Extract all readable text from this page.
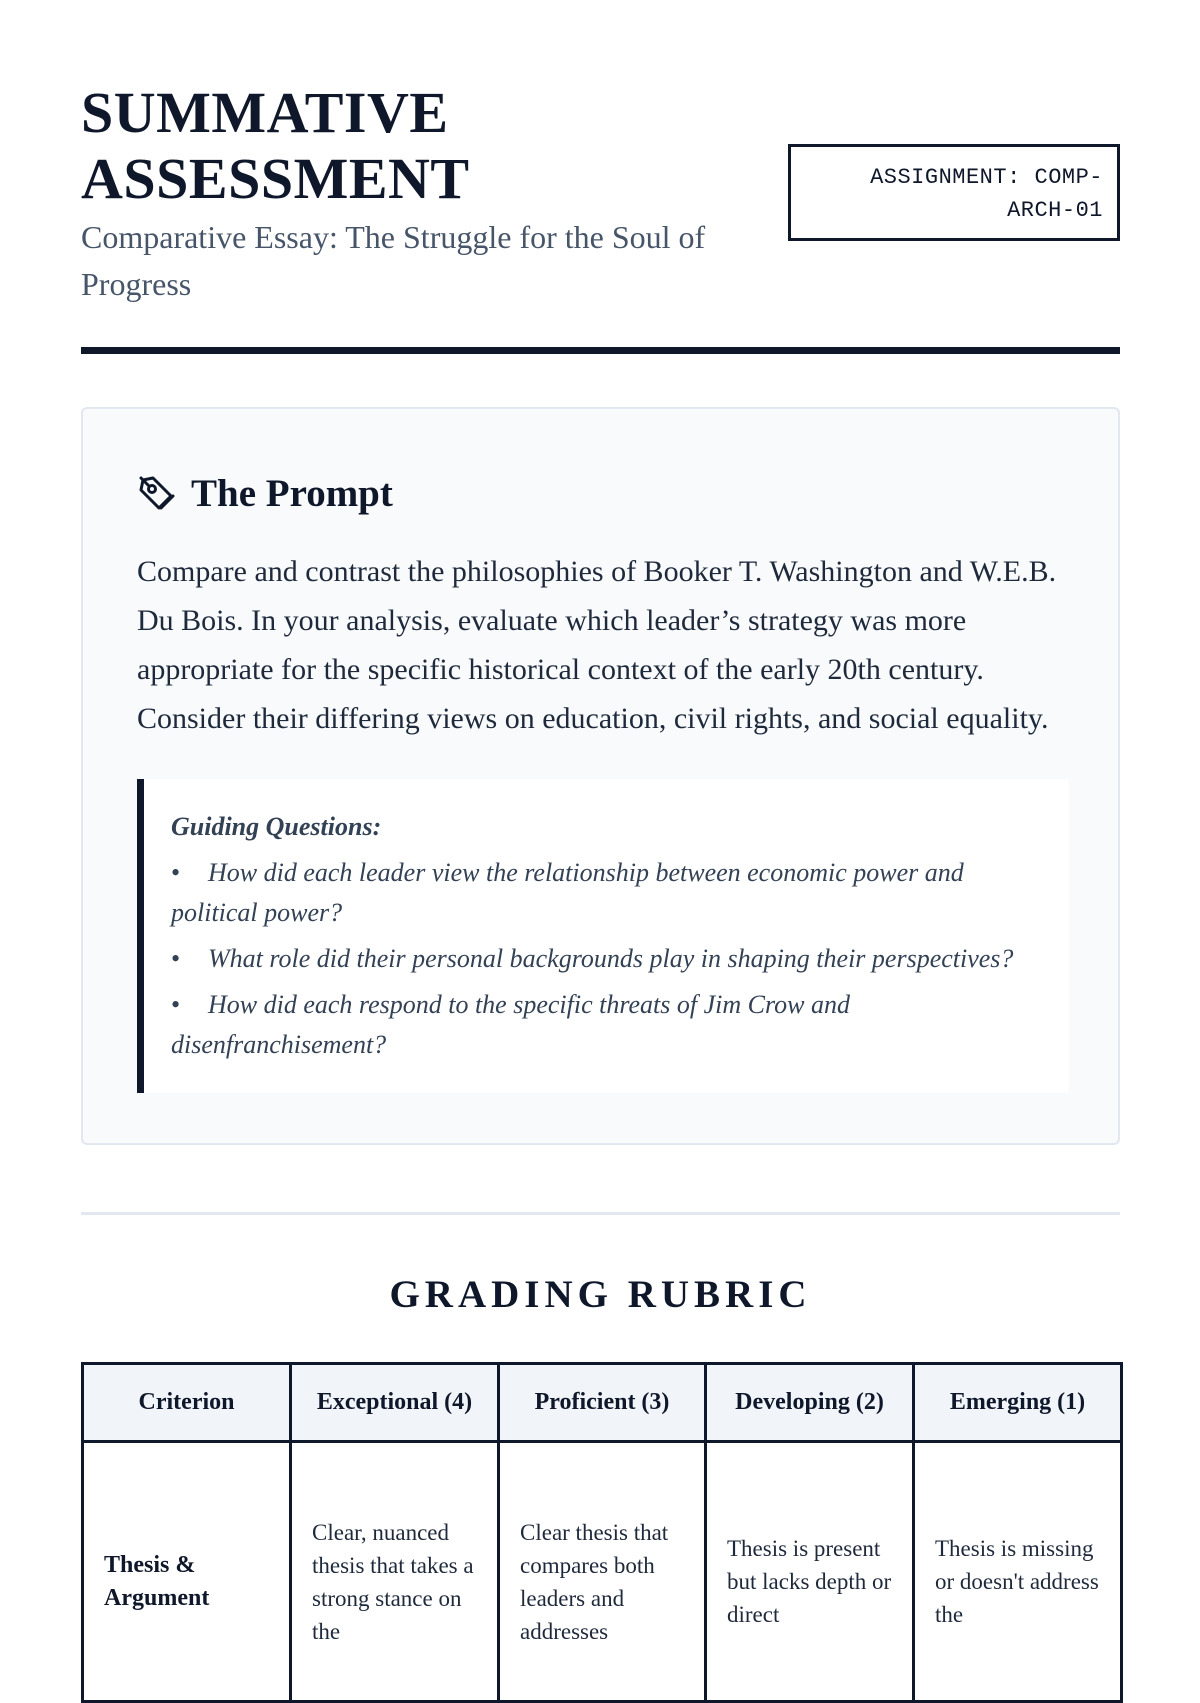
SUMMATIVE
ASSESSMENT

Comparative Essay: The Struggle for the Soul of Progress

ASSIGNMENT: COMP-
ARCH-01
The Prompt

Compare and contrast the philosophies of Booker T. Washington and W.E.B. Du Bois. In your analysis, evaluate which leader’s strategy was more appropriate for the specific historical context of the early 20th century. Consider their differing views on education, civil rights, and social equality.

Guiding Questions:

• How did each leader view the relationship between economic power and political power?
• What role did their personal backgrounds play in shaping their perspectives?
• How did each respond to the specific threats of Jim Crow and disenfranchisement?
GRADING RUBRIC
Criterion	Exceptional (4)	Proficient (3)	Developing (2)	Emerging (1)
Thesis & Argument	Clear, nuanced thesis that takes a strong stance on the	Clear thesis that compares both leaders and addresses	Thesis is present but lacks depth or direct	Thesis is missing or doesn't address the
